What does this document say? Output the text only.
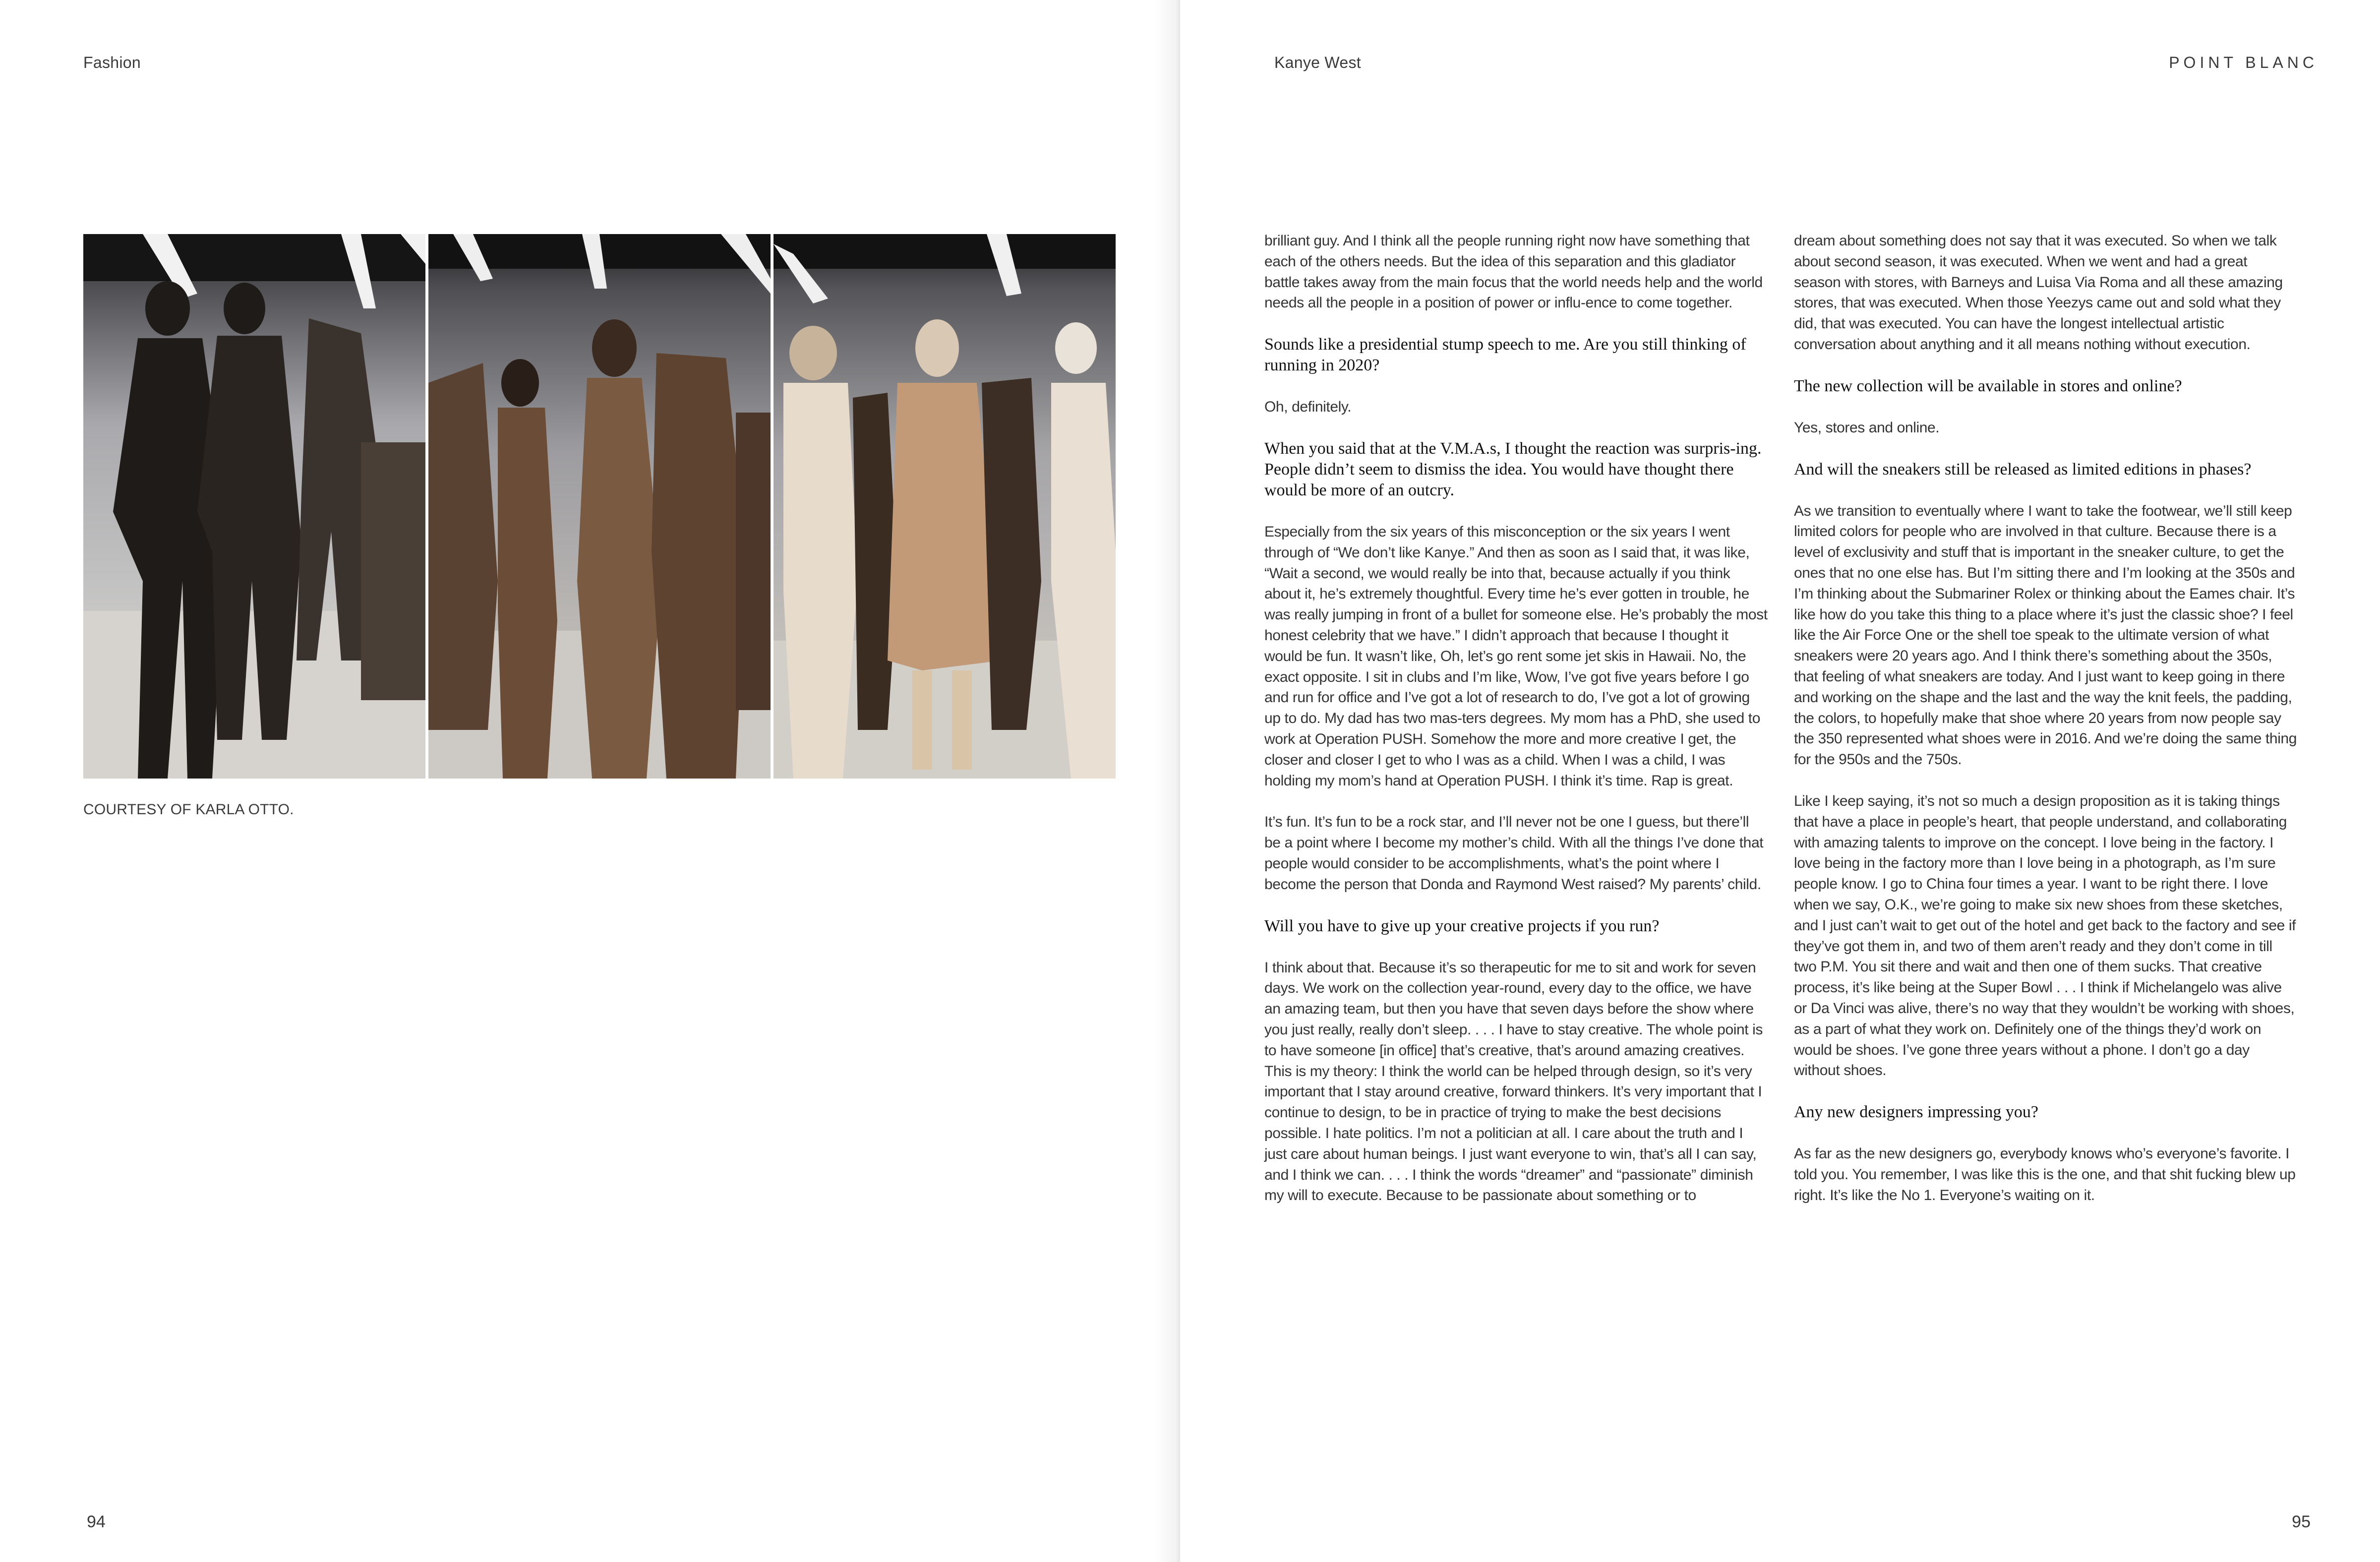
Fashion
COURTESY OF KARLA OTTO.
94
Kanye West	POINT BLANC

brilliant guy. And I think all the people running right now have something that each of the others needs. But the idea of this separation and this gladiator battle takes away from the main focus that the world needs help and the world needs all the people in a position of power or influ-ence to come together.

Sounds like a presidential stump speech to me. Are you still thinking of running in 2020?

Oh, definitely.

When you said that at the V.M.A.s, I thought the reaction was surpris-ing. People didn’t seem to dismiss the idea. You would have thought there would be more of an outcry.

Especially from the six years of this misconception or the six years I went through of “We don’t like Kanye.” And then as soon as I said that, it was like, “Wait a second, we would really be into that, because actually if you think about it, he’s extremely thoughtful. Every time he’s ever gotten in trouble, he was really jumping in front of a bullet for someone else. He’s probably the most honest celebrity that we have.” I didn’t approach that because I thought it would be fun. It wasn’t like, Oh, let’s go rent some jet skis in Hawaii. No, the exact opposite. I sit in clubs and I’m like, Wow, I’ve got five years before I go and run for office and I’ve got a lot of research to do, I’ve got a lot of growing up to do. My dad has two mas-ters degrees. My mom has a PhD, she used to work at Operation PUSH. Somehow the more and more creative I get, the closer and closer I get to who I was as a child. When I was a child, I was holding my mom’s hand at Operation PUSH. I think it’s time. Rap is great.

It’s fun. It’s fun to be a rock star, and I’ll never not be one I guess, but there’ll be a point where I become my mother’s child. With all the things I’ve done that people would consider to be accomplishments, what’s the point where I become the person that Donda and Raymond West raised? My parents’ child.

Will you have to give up your creative projects if you run?

I think about that. Because it’s so therapeutic for me to sit and work for seven days. We work on the collection year-round, every day to the office, we have an amazing team, but then you have that seven days before the show where you just really, really don’t sleep. . . . I have to stay creative. The whole point is to have someone [in office] that’s creative, that’s around amazing creatives. This is my theory: I think the world can be helped through design, so it’s very important that I stay around creative, forward thinkers. It’s very important that I continue to design, to be in practice of trying to make the best decisions possible. I hate politics. I’m not a politician at all. I care about the truth and I just care about human beings. I just want everyone to win, that’s all I can say, and I think we can. . . . I think the words “dreamer” and “passionate” diminish my will to execute. Because to be passionate about something or to

dream about something does not say that it was executed. So when we talk about second season, it was executed. When we went and had a great season with stores, with Barneys and Luisa Via Roma and all these amazing stores, that was executed. When those Yeezys came out and sold what they did, that was executed. You can have the longest intellectual artistic conversation about anything and it all means nothing without execution.

The new collection will be available in stores and online?

Yes, stores and online.

And will the sneakers still be released as limited editions in phases?

As we transition to eventually where I want to take the footwear, we’ll still keep limited colors for people who are involved in that culture. Because there is a level of exclusivity and stuff that is important in the sneaker culture, to get the ones that no one else has. But I’m sitting there and I’m looking at the 350s and I’m thinking about the Submariner Rolex or thinking about the Eames chair. It’s like how do you take this thing to a place where it’s just the classic shoe? I feel like the Air Force One or the shell toe speak to the ultimate version of what sneakers were 20 years ago. And I think there’s something about the 350s, that feeling of what sneakers are today. And I just want to keep going in there and working on the shape and the last and the way the knit feels, the padding, the colors, to hopefully make that shoe where 20 years from now people say the 350 represented what shoes were in 2016. And we’re doing the same thing for the 950s and the 750s.

Like I keep saying, it’s not so much a design proposition as it is taking things that have a place in people’s heart, that people understand, and collaborating with amazing talents to improve on the concept. I love being in the factory. I love being in the factory more than I love being in a photograph, as I’m sure people know. I go to China four times a year. I want to be right there. I love when we say, O.K., we’re going to make six new shoes from these sketches, and I just can’t wait to get out of the hotel and get back to the factory and see if they’ve got them in, and two of them aren’t ready and they don’t come in till two P.M. You sit there and wait and then one of them sucks. That creative process, it’s like being at the Super Bowl . . . I think if Michelangelo was alive or Da Vinci was alive, there’s no way that they wouldn’t be working with shoes, as a part of what they work on. Definitely one of the things they’d work on would be shoes. I’ve gone three years without a phone. I don’t go a day without shoes.

Any new designers impressing you?

As far as the new designers go, everybody knows who’s everyone’s favorite. I told you. You remember, I was like this is the one, and that shit fucking blew up right. It’s like the No 1. Everyone’s waiting on it.

95
